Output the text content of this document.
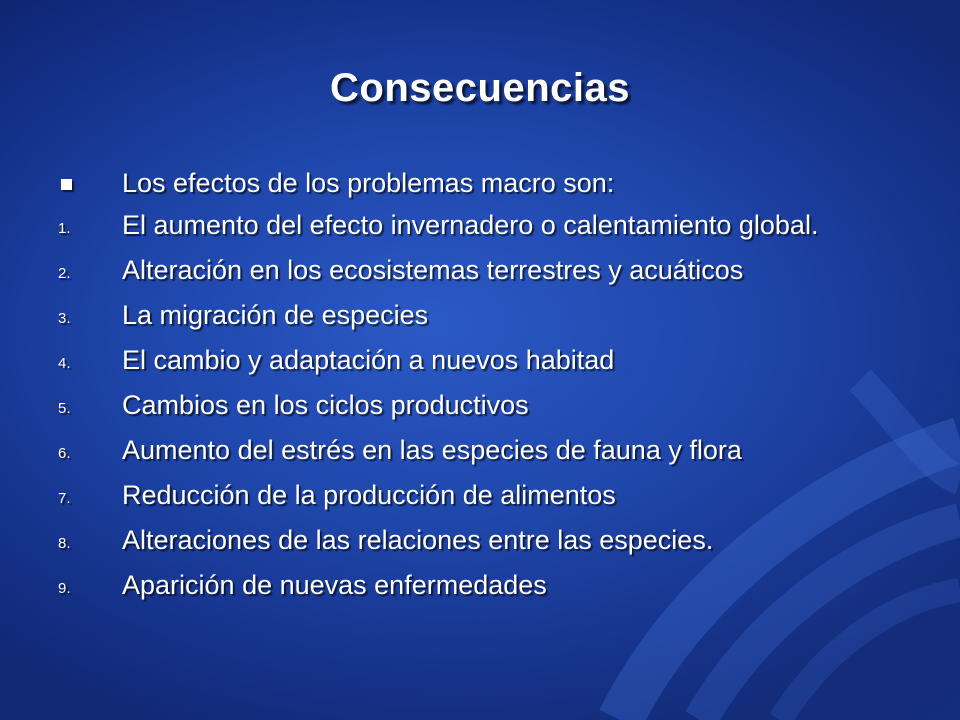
Consecuencias
Los efectos de los problemas macro son:
1.	El aumento del efecto invernadero o calentamiento global.
2.	Alteración en los ecosistemas terrestres y acuáticos
3.	La migración de especies
4.	El cambio y adaptación a nuevos habitad
5.	Cambios en los ciclos productivos
6.	Aumento del estrés en las especies de fauna y flora
7.	Reducción de la producción de alimentos
8.	Alteraciones de las relaciones entre las especies.
9.	Aparición de nuevas enfermedades
